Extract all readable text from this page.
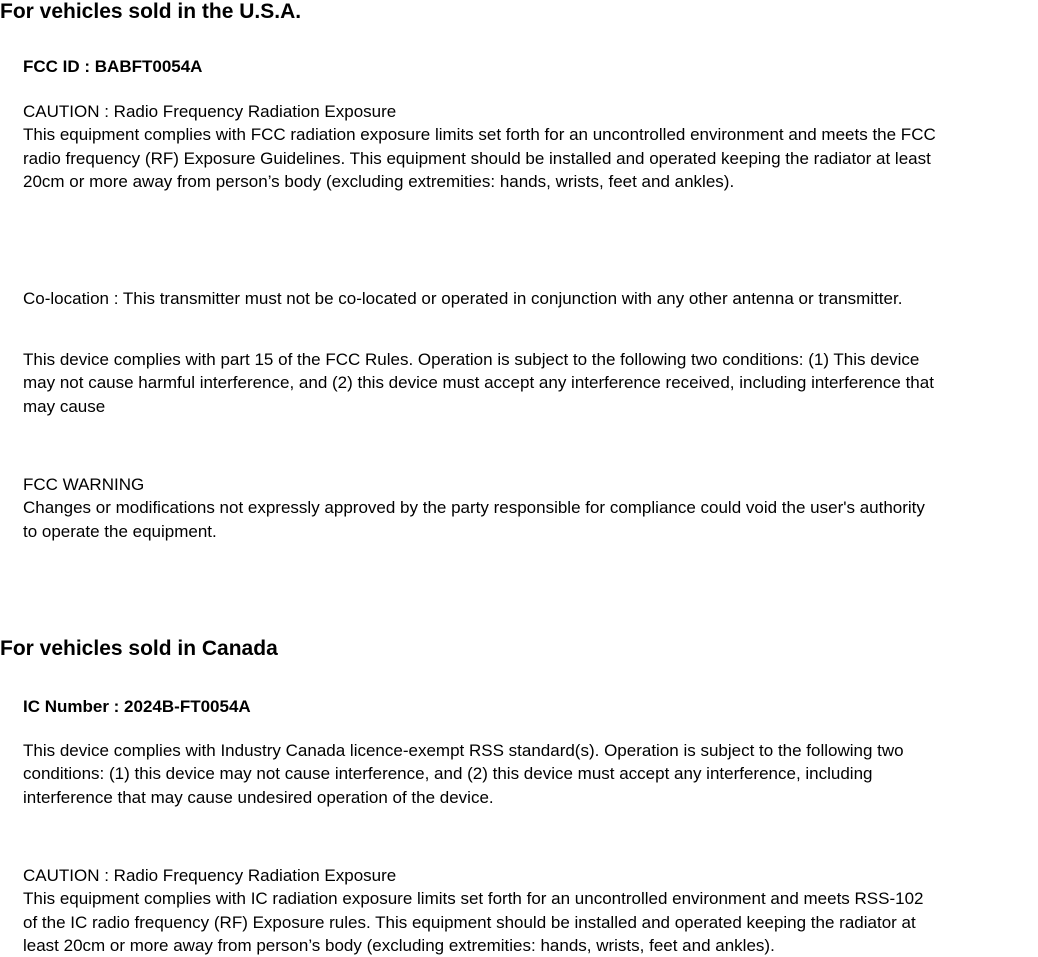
For vehicles sold in the U.S.A.

FCC ID : BABFT0054A

CAUTION : Radio Frequency Radiation Exposure
This equipment complies with FCC radiation exposure limits set forth for an uncontrolled environment and meets the FCC
radio frequency (RF) Exposure Guidelines. This equipment should be installed and operated keeping the radiator at least
20cm or more away from person’s body (excluding extremities: hands, wrists, feet and ankles).

Co-location : This transmitter must not be co-located or operated in conjunction with any other antenna or transmitter.

This device complies with part 15 of the FCC Rules. Operation is subject to the following two conditions: (1) This device
may not cause harmful interference, and (2) this device must accept any interference received, including interference that
may cause
FCC WARNING
Changes or modifications not expressly approved by the party responsible for compliance could void the user's authority
to operate the equipment.
For vehicles sold in Canada

IC Number : 2024B-FT0054A

This device complies with Industry Canada licence-exempt RSS standard(s). Operation is subject to the following two
conditions: (1) this device may not cause interference, and (2) this device must accept any interference, including
interference that may cause undesired operation of the device.
CAUTION : Radio Frequency Radiation Exposure
This equipment complies with IC radiation exposure limits set forth for an uncontrolled environment and meets RSS-102
of the IC radio frequency (RF) Exposure rules. This equipment should be installed and operated keeping the radiator at
least 20cm or more away from person’s body (excluding extremities: hands, wrists, feet and ankles).
